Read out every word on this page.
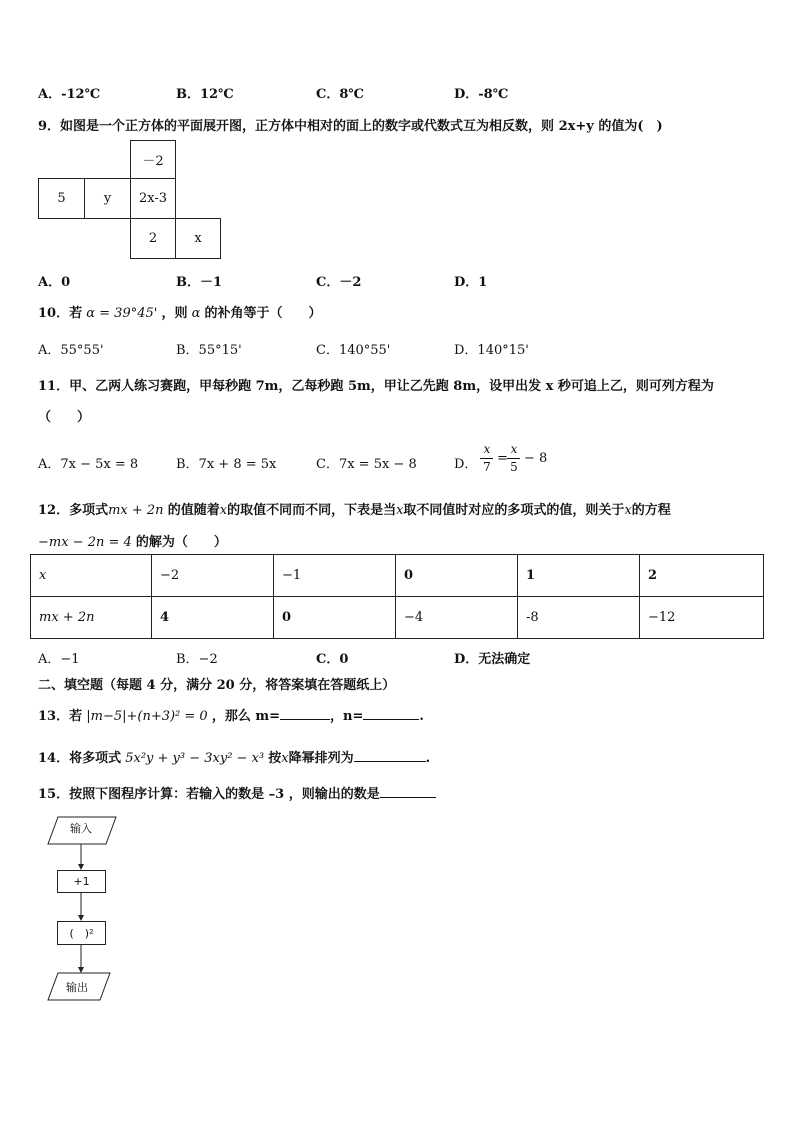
A．-12℃	B．12℃	C．8℃	D．-8℃
9．如图是一个正方体的平面展开图，正方体中相对的面上的数字或代数式互为相反数，则 2x+y 的值为(　)
－2
5	y	2x-3
2	x
A．0	B．－1	C．－2	D．1
10．若 α = 39°45' ，则 α 的补角等于（　　）
A．55°55'	B．55°15'	C．140°55'	D．140°15'
11．甲、乙两人练习赛跑，甲每秒跑 7m，乙每秒跑 5m，甲让乙先跑 8m，设甲出发 x 秒可追上乙，则可列方程为
（　　）
A．7x − 5x = 8	B．7x + 8 = 5x	C．7x = 5x − 8	D．
x
7
=
x
5
− 8
12．多项式mx + 2n 的值随着x的取值不同而不同，下表是当x取不同值时对应的多项式的值，则关于x的方程
−mx − 2n = 4 的解为（　　）
x	−2	−1	0	1	2
mx + 2n	4	0	−4	-8	−12
A．−1	B．−2	C．0	D．无法确定
二、填空题（每题 4 分，满分 20 分，将答案填在答题纸上）
13．若 |m−5|+(n+3)² = 0 ，那么 m=	，n=	.
14．将多项式 5x²y + y³ − 3xy² − x³ 按x降幂排列为	.
15．按照下图程序计算：若输入的数是 –3 ，则输出的数是
输入
+1
(　)²
输出
